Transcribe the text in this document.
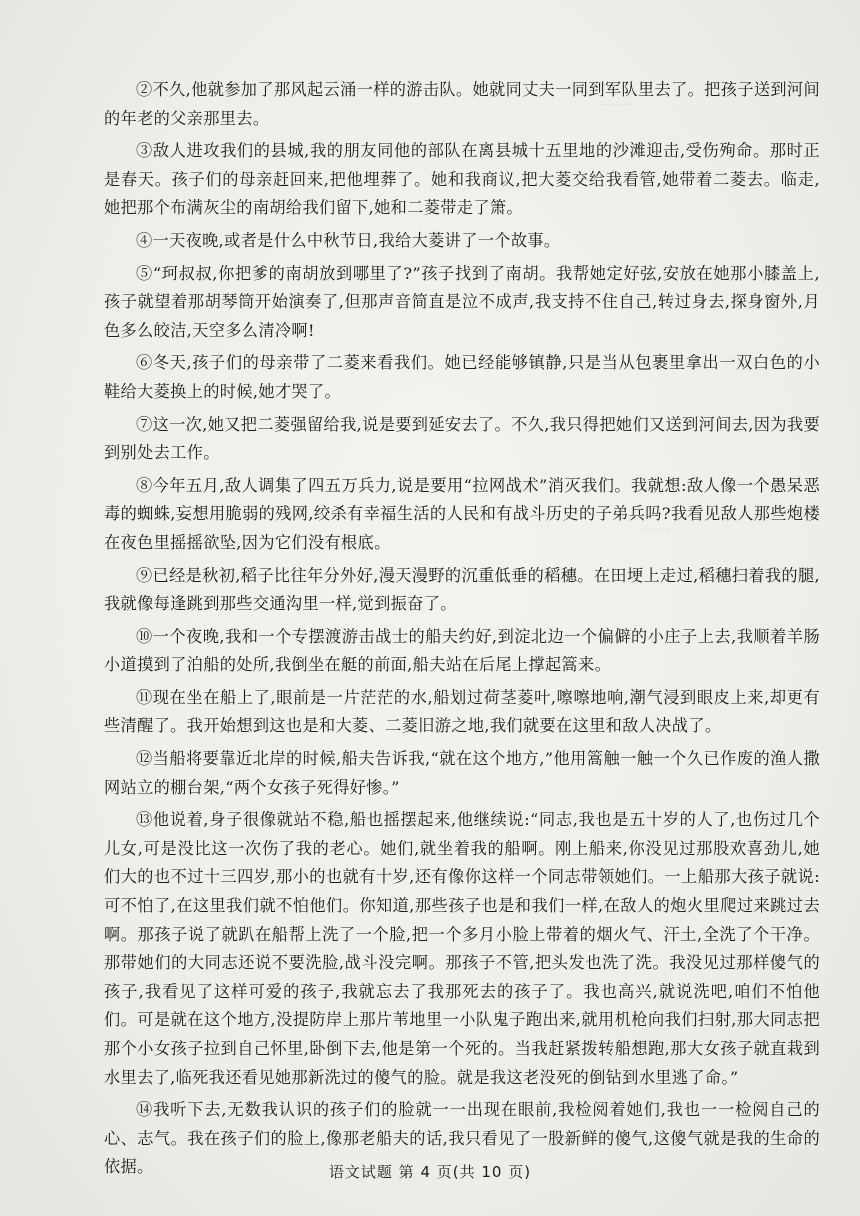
一 一
一 一

②不久,他就参加了那风起云涌一样的游击队。她就同丈夫一同到军队里去了。把孩子送到河间的年老的父亲那里去。

③敌人进攻我们的县城,我的朋友同他的部队在离县城十五里地的沙滩迎击,受伤殉命。那时正是春天。孩子们的母亲赶回来,把他埋葬了。她和我商议,把大菱交给我看管,她带着二菱去。临走,她把那个布满灰尘的南胡给我们留下,她和二菱带走了箫。

④一天夜晚,或者是什么中秋节日,我给大菱讲了一个故事。

⑤“珂叔叔,你把爹的南胡放到哪里了?”孩子找到了南胡。我帮她定好弦,安放在她那小膝盖上,孩子就望着那胡琴筒开始演奏了,但那声音简直是泣不成声,我支持不住自己,转过身去,探身窗外,月色多么皎洁,天空多么清冷啊!

⑥冬天,孩子们的母亲带了二菱来看我们。她已经能够镇静,只是当从包裹里拿出一双白色的小鞋给大菱换上的时候,她才哭了。

⑦这一次,她又把二菱强留给我,说是要到延安去了。不久,我只得把她们又送到河间去,因为我要到别处去工作。

⑧今年五月,敌人调集了四五万兵力,说是要用“拉网战术”消灭我们。我就想:敌人像一个愚呆恶毒的蜘蛛,妄想用脆弱的残网,绞杀有幸福生活的人民和有战斗历史的子弟兵吗?我看见敌人那些炮楼在夜色里摇摇欲坠,因为它们没有根底。

⑨已经是秋初,稻子比往年分外好,漫天漫野的沉重低垂的稻穗。在田埂上走过,稻穗扫着我的腿,我就像每逢跳到那些交通沟里一样,觉到振奋了。

⑩一个夜晚,我和一个专摆渡游击战士的船夫约好,到淀北边一个偏僻的小庄子上去,我顺着羊肠小道摸到了泊船的处所,我倒坐在艇的前面,船夫站在后尾上撑起篙来。

⑪现在坐在船上了,眼前是一片茫茫的水,船划过荷茎菱叶,嚓嚓地响,潮气浸到眼皮上来,却更有些清醒了。我开始想到这也是和大菱、二菱旧游之地,我们就要在这里和敌人决战了。

⑫当船将要靠近北岸的时候,船夫告诉我,“就在这个地方,”他用篙触一触一个久已作废的渔人撒网站立的棚台架,“两个女孩子死得好惨。”

⑬他说着,身子很像就站不稳,船也摇摆起来,他继续说:“同志,我也是五十岁的人了,也伤过几个儿女,可是没比这一次伤了我的老心。她们,就坐着我的船啊。刚上船来,你没见过那股欢喜劲儿,她们大的也不过十三四岁,那小的也就有十岁,还有像你这样一个同志带领她们。一上船那大孩子就说:可不怕了,在这里我们就不怕他们。你知道,那些孩子也是和我们一样,在敌人的炮火里爬过来跳过去啊。那孩子说了就趴在船帮上洗了一个脸,把一个多月小脸上带着的烟火气、汗土,全洗了个干净。那带她们的大同志还说不要洗脸,战斗没完啊。那孩子不管,把头发也洗了洗。我没见过那样傻气的孩子,我看见了这样可爱的孩子,我就忘去了我那死去的孩子了。我也高兴,就说洗吧,咱们不怕他们。可是就在这个地方,没提防岸上那片苇地里一小队鬼子跑出来,就用机枪向我们扫射,那大同志把那个小女孩子拉到自己怀里,卧倒下去,他是第一个死的。当我赶紧拨转船想跑,那大女孩子就直栽到水里去了,临死我还看见她那新洗过的傻气的脸。就是我这老没死的倒钻到水里逃了命。”

⑭我听下去,无数我认识的孩子们的脸就一一出现在眼前,我检阅着她们,我也一一检阅自己的心、志气。我在孩子们的脸上,像那老船夫的话,我只看见了一股新鲜的傻气,这傻气就是我的生命的依据。	语文试题 第 4 页(共 10 页)
